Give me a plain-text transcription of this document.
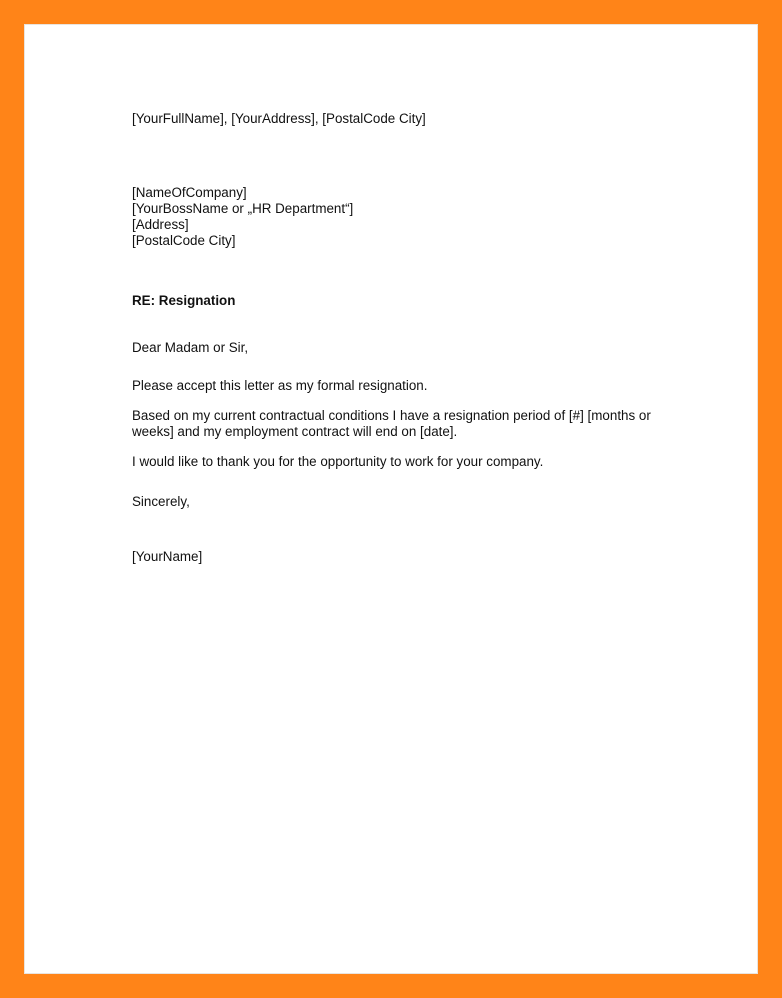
[YourFullName], [YourAddress], [PostalCode City]
[NameOfCompany]
[YourBossName or „HR Department“]
[Address]
[PostalCode City]
RE: Resignation
Dear Madam or Sir,
Please accept this letter as my formal resignation.
Based on my current contractual conditions I have a resignation period of [#] [months or
weeks] and my employment contract will end on [date].
I would like to thank you for the opportunity to work for your company.
Sincerely,
[YourName]
